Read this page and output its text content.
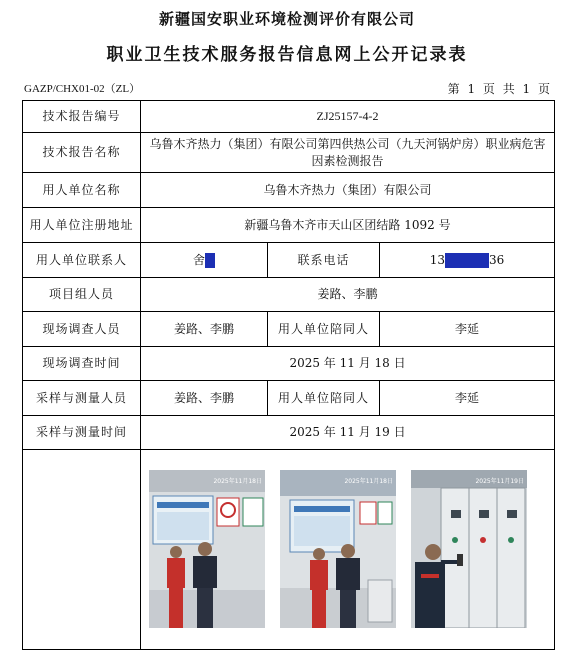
新疆国安职业环境检测评价有限公司
职业卫生技术服务报告信息网上公开记录表
GAZP/CHX01-02（ZL）	第 1 页 共 1 页
技术报告编号	ZJ25157-4-2		
技术报告名称	乌鲁木齐热力（集团）有限公司第四供热公司（九天河锅炉房）职业病危害因素检测报告		
用人单位名称	乌鲁木齐热力（集团）有限公司		
用人单位注册地址	新疆乌鲁木齐市天山区团结路 1092 号		
用人单位联系人	舍	联系电话	13 36
项目组人员	姜路、李鹏		
现场调查人员	姜路、李鹏	用人单位陪同人	李延
现场调查时间	2025 年 11 月 18 日		
采样与测量人员	姜路、李鹏	用人单位陪同人	李延
采样与测量时间	2025 年 11 月 19 日		

	2025年11月18日 2025年11月18日 2025年11月19日		
